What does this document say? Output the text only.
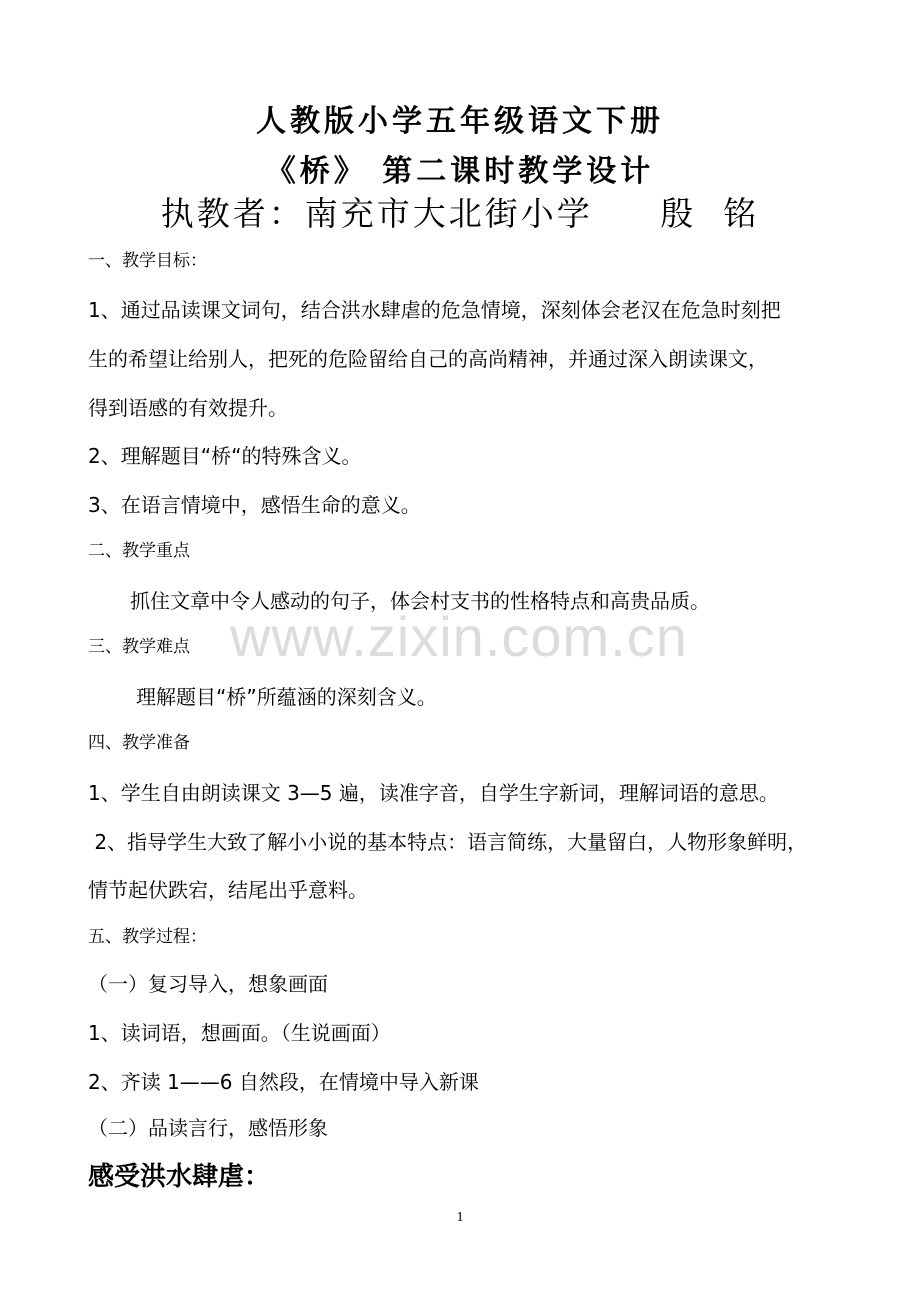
人教版小学五年级语文下册
《桥》 第二课时教学设计
执教者：南充市大北街小学     殷  铭
一、教学目标：
1、通过品读课文词句，结合洪水肆虐的危急情境，深刻体会老汉在危急时刻把
生的希望让给别人，把死的危险留给自己的高尚精神，并通过深入朗读课文，
得到语感的有效提升。
2、理解题目“桥“的特殊含义。
3、在语言情境中，感悟生命的意义。
二、教学重点
抓住文章中令人感动的句子，体会村支书的性格特点和高贵品质。
www.zixin.com.cn
三、教学难点
理解题目“桥”所蕴涵的深刻含义。
四、教学准备
1、学生自由朗读课文 3—5 遍，读准字音，自学生字新词，理解词语的意思。
2、指导学生大致了解小小说的基本特点：语言简练，大量留白，人物形象鲜明，
情节起伏跌宕，结尾出乎意料。
五、教学过程：
（一）复习导入，想象画面
1、读词语，想画面。（生说画面）
2、齐读 1——6 自然段，在情境中导入新课
（二）品读言行，感悟形象
感受洪水肆虐：
1
